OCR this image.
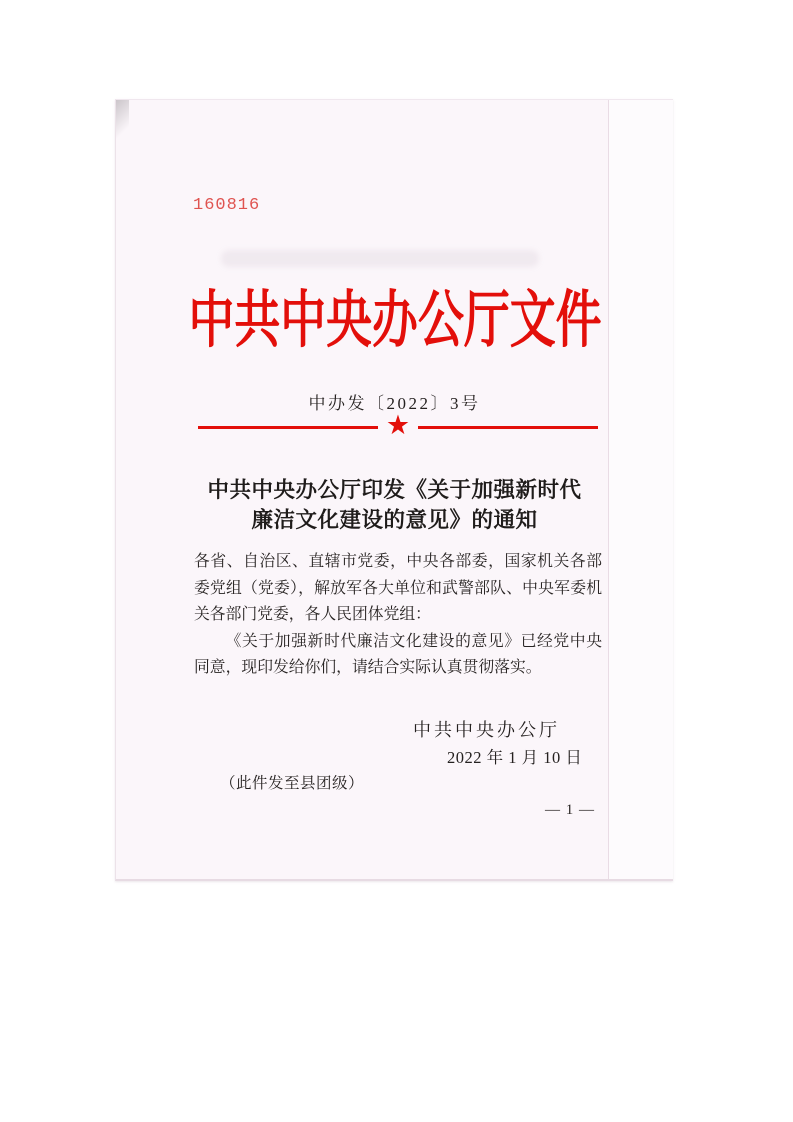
160816
中共中央办公厅文件
中办发〔2022〕3号
★
中共中央办公厅印发《关于加强新时代
廉洁文化建设的意见》的通知

各省、自治区、直辖市党委，中央各部委，国家机关各部委党组（党委），解放军各大单位和武警部队、中央军委机关各部门党委，各人民团体党组：

《关于加强新时代廉洁文化建设的意见》已经党中央同意，现印发给你们，请结合实际认真贯彻落实。

中共中央办公厅
2022 年 1 月 10 日
（此件发至县团级）
— 1 —
